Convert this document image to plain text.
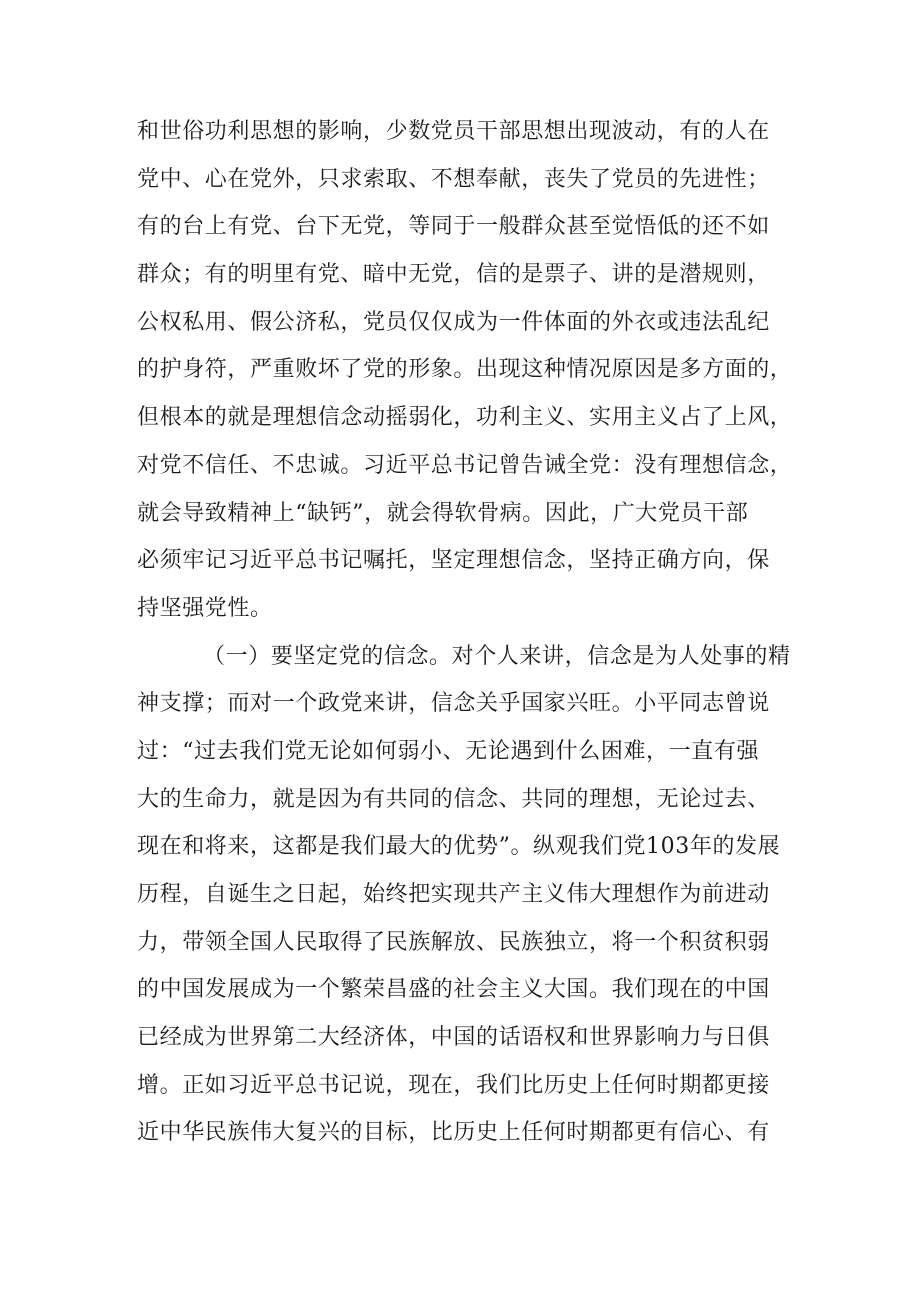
和世俗功利思想的影响，少数党员干部思想出现波动，有的人在
党中、心在党外，只求索取、不想奉献，丧失了党员的先进性；
有的台上有党、台下无党，等同于一般群众甚至觉悟低的还不如
群众；有的明里有党、暗中无党，信的是票子、讲的是潜规则，
公权私用、假公济私，党员仅仅成为一件体面的外衣或违法乱纪
的护身符，严重败坏了党的形象。出现这种情况原因是多方面的，
但根本的就是理想信念动摇弱化，功利主义、实用主义占了上风，
对党不信任、不忠诚。习近平总书记曾告诫全党：没有理想信念，
就会导致精神上“缺钙”，就会得软骨病。因此，广大党员干部
必须牢记习近平总书记嘱托，坚定理想信念，坚持正确方向，保
持坚强党性。
（一）要坚定党的信念。对个人来讲，信念是为人处事的精
神支撑；而对一个政党来讲，信念关乎国家兴旺。小平同志曾说
过：“过去我们党无论如何弱小、无论遇到什么困难，一直有强
大的生命力，就是因为有共同的信念、共同的理想，无论过去、
现在和将来，这都是我们最大的优势”。纵观我们党103年的发展
历程，自诞生之日起，始终把实现共产主义伟大理想作为前进动
力，带领全国人民取得了民族解放、民族独立，将一个积贫积弱
的中国发展成为一个繁荣昌盛的社会主义大国。我们现在的中国
已经成为世界第二大经济体，中国的话语权和世界影响力与日俱
增。正如习近平总书记说，现在，我们比历史上任何时期都更接
近中华民族伟大复兴的目标，比历史上任何时期都更有信心、有
